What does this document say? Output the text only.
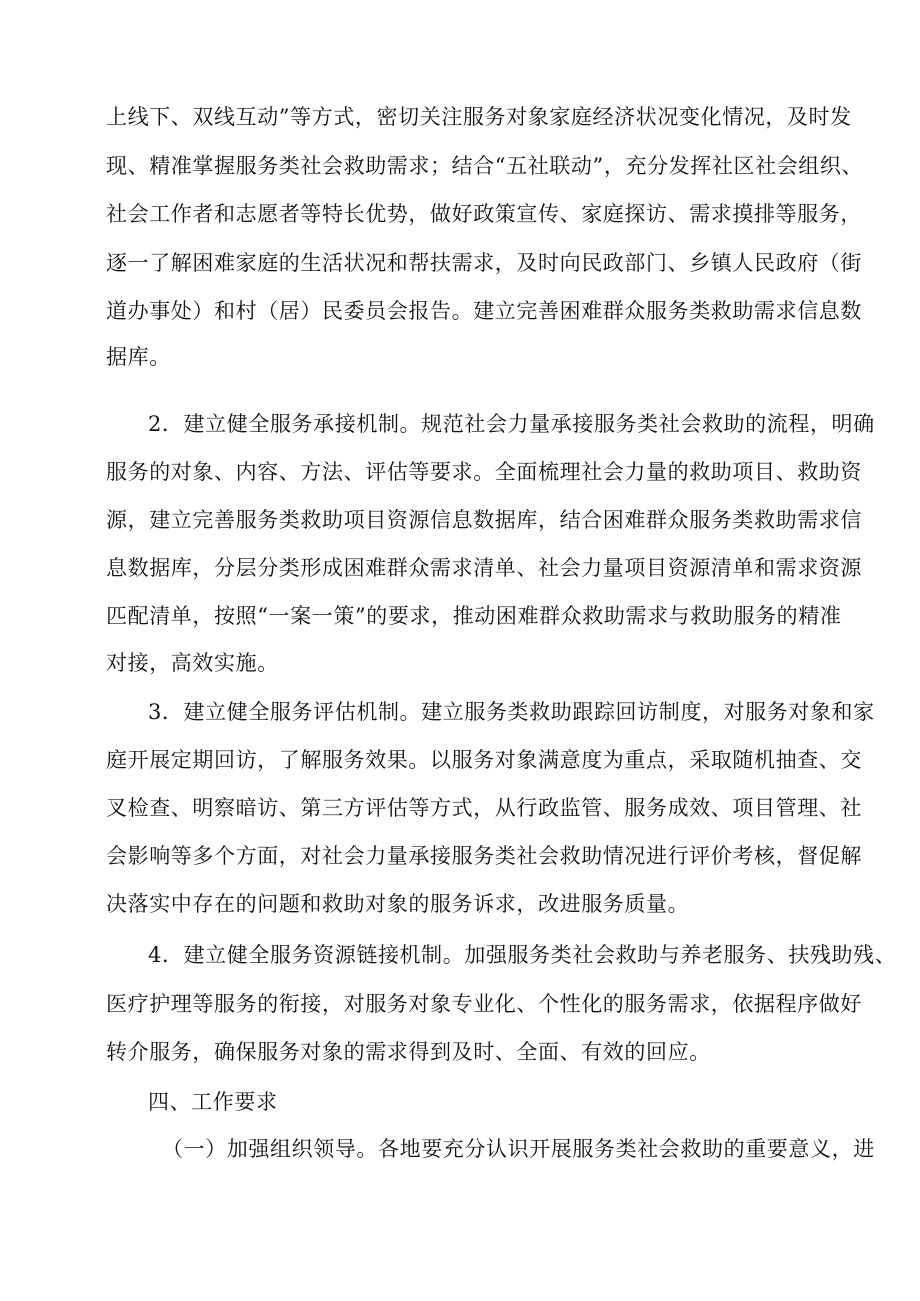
上线下、双线互动”等方式，密切关注服务对象家庭经济状况变化情况，及时发
现、精准掌握服务类社会救助需求；结合“五社联动”，充分发挥社区社会组织、
社会工作者和志愿者等特长优势，做好政策宣传、家庭探访、需求摸排等服务，
逐一了解困难家庭的生活状况和帮扶需求，及时向民政部门、乡镇人民政府（街
道办事处）和村（居）民委员会报告。建立完善困难群众服务类救助需求信息数
据库。
2．建立健全服务承接机制。规范社会力量承接服务类社会救助的流程，明确
服务的对象、内容、方法、评估等要求。全面梳理社会力量的救助项目、救助资
源，建立完善服务类救助项目资源信息数据库，结合困难群众服务类救助需求信
息数据库，分层分类形成困难群众需求清单、社会力量项目资源清单和需求资源
匹配清单，按照“一案一策”的要求，推动困难群众救助需求与救助服务的精准
对接，高效实施。
3．建立健全服务评估机制。建立服务类救助跟踪回访制度，对服务对象和家
庭开展定期回访，了解服务效果。以服务对象满意度为重点，采取随机抽查、交
叉检查、明察暗访、第三方评估等方式，从行政监管、服务成效、项目管理、社
会影响等多个方面，对社会力量承接服务类社会救助情况进行评价考核，督促解
决落实中存在的问题和救助对象的服务诉求，改进服务质量。
4．建立健全服务资源链接机制。加强服务类社会救助与养老服务、扶残助残、
医疗护理等服务的衔接，对服务对象专业化、个性化的服务需求，依据程序做好
转介服务，确保服务对象的需求得到及时、全面、有效的回应。
四、工作要求
（一）加强组织领导。各地要充分认识开展服务类社会救助的重要意义，进
